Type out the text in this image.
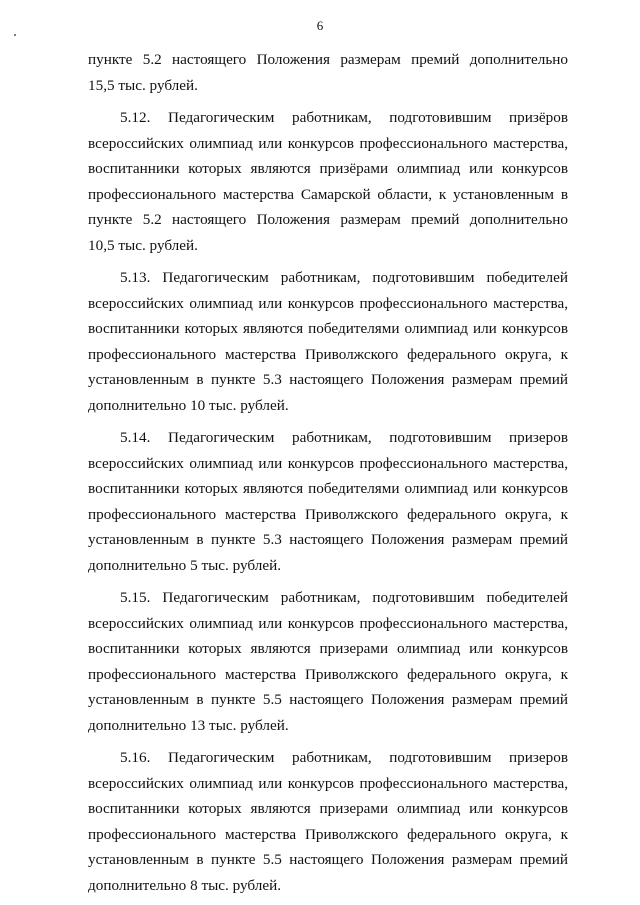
6
пункте 5.2 настоящего Положения размерам премий дополнительно
15,5 тыс. рублей.
5.12. Педагогическим работникам, подготовившим призёров
всероссийских олимпиад или конкурсов профессионального мастерства,
воспитанники которых являются призёрами олимпиад или конкурсов
профессионального мастерства Самарской области, к установленным в
пункте 5.2 настоящего Положения размерам премий дополнительно
10,5 тыс. рублей.
5.13. Педагогическим работникам, подготовившим победителей
всероссийских олимпиад или конкурсов профессионального мастерства,
воспитанники которых являются победителями олимпиад или конкурсов
профессионального мастерства Приволжского федерального округа, к
установленным в пункте 5.3 настоящего Положения размерам премий
дополнительно 10 тыс. рублей.
5.14. Педагогическим работникам, подготовившим призеров
всероссийских олимпиад или конкурсов профессионального мастерства,
воспитанники которых являются победителями олимпиад или конкурсов
профессионального мастерства Приволжского федерального округа, к
установленным в пункте 5.3 настоящего Положения размерам премий
дополнительно 5 тыс. рублей.
5.15. Педагогическим работникам, подготовившим победителей
всероссийских олимпиад или конкурсов профессионального мастерства,
воспитанники которых являются призерами олимпиад или конкурсов
профессионального мастерства Приволжского федерального округа, к
установленным в пункте 5.5 настоящего Положения размерам премий
дополнительно 13 тыс. рублей.
5.16. Педагогическим работникам, подготовившим призеров
всероссийских олимпиад или конкурсов профессионального мастерства,
воспитанники которых являются призерами олимпиад или конкурсов
профессионального мастерства Приволжского федерального округа, к
установленным в пункте 5.5 настоящего Положения размерам премий
дополнительно 8 тыс. рублей.
